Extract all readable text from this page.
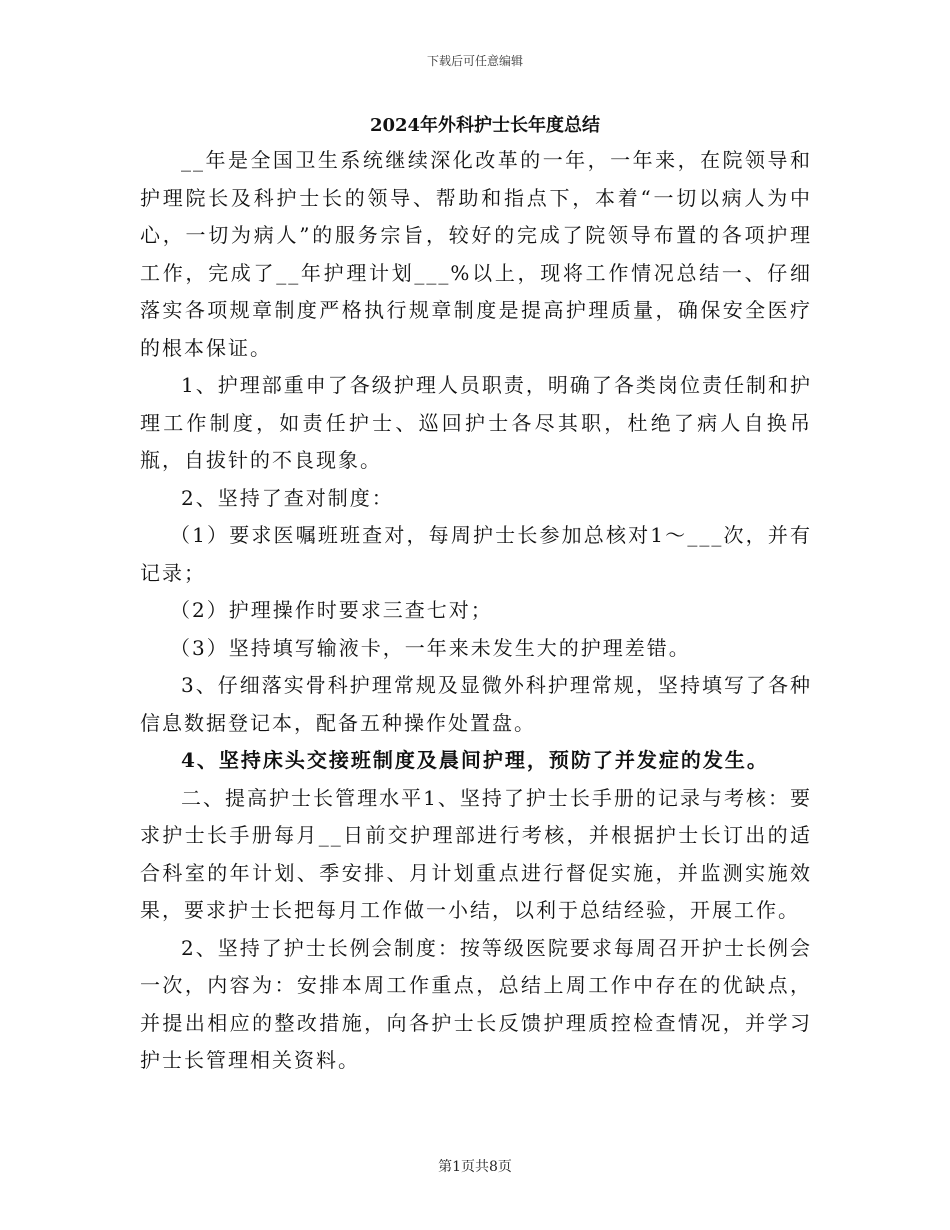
下载后可任意编辑
2024年外科护士长年度总结

__年是全国卫生系统继续深化改革的一年，一年来，在院领导和护理院长及科护士长的领导、帮助和指点下，本着“一切以病人为中心，一切为病人”的服务宗旨，较好的完成了院领导布置的各项护理工作，完成了__年护理计划___%以上，现将工作情况总结一、仔细落实各项规章制度严格执行规章制度是提高护理质量，确保安全医疗的根本保证。

1、护理部重申了各级护理人员职责，明确了各类岗位责任制和护理工作制度，如责任护士、巡回护士各尽其职，杜绝了病人自换吊瓶，自拔针的不良现象。

2、坚持了查对制度：

（1）要求医嘱班班查对，每周护士长参加总核对1～___次，并有记录；

（2）护理操作时要求三查七对；

（3）坚持填写输液卡，一年来未发生大的护理差错。

3、仔细落实骨科护理常规及显微外科护理常规，坚持填写了各种信息数据登记本，配备五种操作处置盘。

4、坚持床头交接班制度及晨间护理，预防了并发症的发生。

二、提高护士长管理水平1、坚持了护士长手册的记录与考核：要求护士长手册每月__日前交护理部进行考核，并根据护士长订出的适合科室的年计划、季安排、月计划重点进行督促实施，并监测实施效果，要求护士长把每月工作做一小结，以利于总结经验，开展工作。

2、坚持了护士长例会制度：按等级医院要求每周召开护士长例会一次，内容为：安排本周工作重点，总结上周工作中存在的优缺点，并提出相应的整改措施，向各护士长反馈护理质控检查情况，并学习护士长管理相关资料。

第1页共8页
